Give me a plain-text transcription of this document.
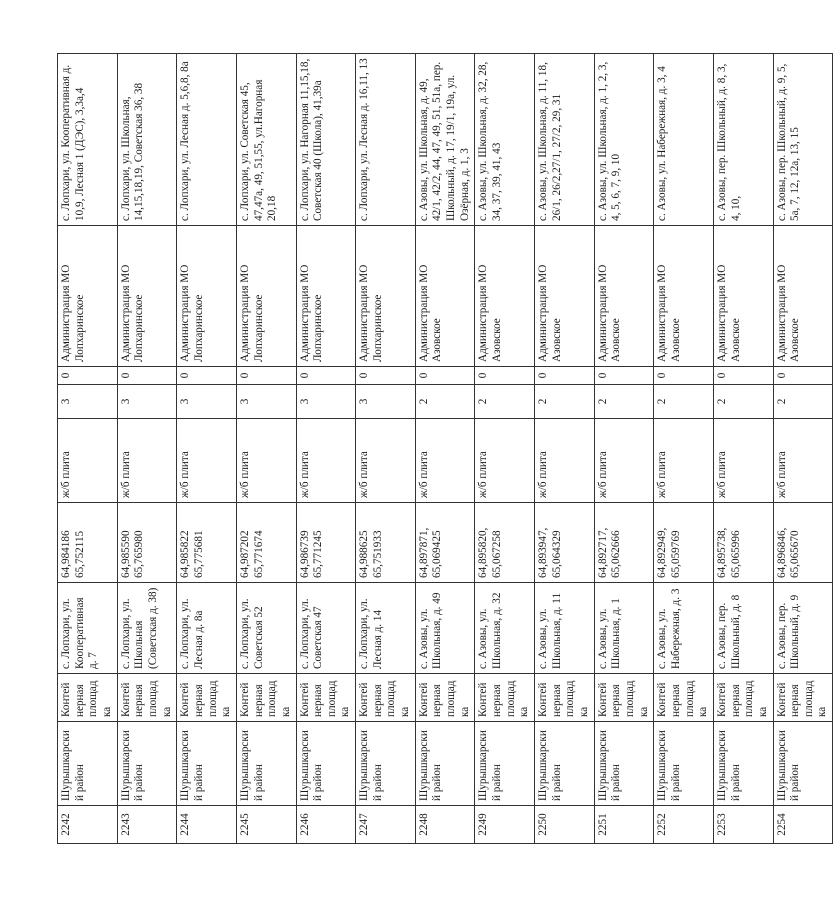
2242	Шурышкарский район	Контейнерная площадка	с. Лопхари, ул. Кооперативная д. 7	64,984186 65,752115	ж/б плита	3	0	Администрация МО Лопхаринское	с. Лопхари, ул. Кооперативная д. 10,9, Лесная 1 (ДЭС), 3,3а,4
2243	Шурышкарский район	Контейнерная площадка	с. Лопхари, ул. Школьная (Советская д. 38)	64,985590 65,765980	ж/б плита	3	0	Администрация МО Лопхаринское	с. Лопхари, ул. Школьная, 14,15,18,19, Советская 36, 38
2244	Шурышкарский район	Контейнерная площадка	с. Лопхари, ул. Лесная д. 8а	64,985822 65,775681	ж/б плита	3	0	Администрация МО Лопхаринское	с. Лопхари, ул. Лесная д. 5,6,8, 8а
2245	Шурышкарский район	Контейнерная площадка	с. Лопхари, ул. Советская 52	64,987202 65,771674	ж/б плита	3	0	Администрация МО Лопхаринское	с. Лопхари, ул. Советская 45, 47,47а, 49, 51,55, ул.Нагорная 20,18
2246	Шурышкарский район	Контейнерная площадка	с. Лопхари, ул. Советская 47	64,986739 65,771245	ж/б плита	3	0	Администрация МО Лопхаринское	с. Лопхари, ул. Нагорная 11,15,18, Советская 40 (Школа), 41,39а
2247	Шурышкарский район	Контейнерная площадка	с. Лопхари, ул. Лесная д. 14	64,988625 65,751933	ж/б плита	3	0	Администрация МО Лопхаринское	с. Лопхари, ул. Лесная д. 16,11, 13
2248	Шурышкарский район	Контейнерная площадка	с. Азовы, ул. Школьная, д. 49	64,897871, 65,069425	ж/б плита	2	0	Администрация МО Азовское	с. Азовы, ул. Школьная, д. 49, 42/1, 42/2, 44, 47, 49, 51, 51а, пер. Школьный, д. 17, 19/1, 19а, ул. Озёрная, д. 1, 3
2249	Шурышкарский район	Контейнерная площадка	с. Азовы, ул. Школьная, д. 32	64,895820, 65,067258	ж/б плита	2	0	Администрация МО Азовское	с. Азовы, ул. Школьная, д. 32, 28, 34, 37, 39, 41, 43
2250	Шурышкарский район	Контейнерная площадка	с. Азовы, ул. Школьная, д. 11	64,893947, 65,064329	ж/б плита	2	0	Администрация МО Азовское	с. Азовы, ул. Школьная, д. 11, 18, 26/1, 26/2,27/1, 27/2, 29, 31
2251	Шурышкарский район	Контейнерная площадка	с. Азовы, ул. Школьная, д. 1	64,892717, 65,062666	ж/б плита	2	0	Администрация МО Азовское	с. Азовы, ул. Школьная, д. 1, 2, 3, 4, 5, 6, 7, 9, 10
2252	Шурышкарский район	Контейнерная площадка	с. Азовы, ул. Набережная, д. 3	64,892949, 65,059769	ж/б плита	2	0	Администрация МО Азовское	с. Азовы, ул. Набережная, д. 3, 4
2253	Шурышкарский район	Контейнерная площадка	с. Азовы, пер. Школьный, д. 8	64,895738, 65,065996	ж/б плита	2	0	Администрация МО Азовское	с. Азовы, пер. Школьный, д. 8, 3, 4, 10,
2254	Шурышкарский район	Контейнерная площадка	с. Азовы, пер. Школьный, д. 9	64,896846, 65,065670	ж/б плита	2	0	Администрация МО Азовское	с. Азовы, пер. Школьный, д. 9, 5, 5а, 7, 12, 12а, 13, 15
